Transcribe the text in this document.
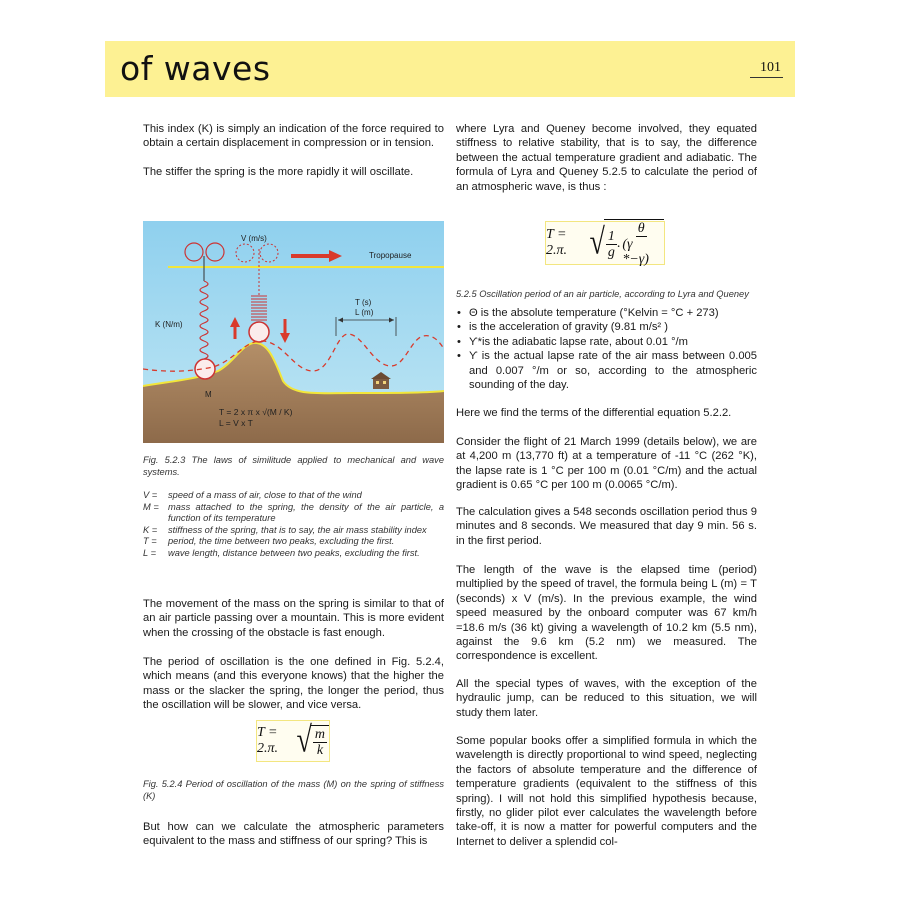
of waves	101

This index (K) is simply an indication of the force required to obtain a certain displacement in compression or in tension.

The stiffer the spring is the more rapidly it will oscillate.

Tropopause
V (m/s)
M
K (N/m)
T (s)
L (m)
T = 2 x π x √(M / K)
L = V x T

Fig. 5.2.3 The laws of similitude applied to mechanical and wave systems.

V =	speed of a mass of air, close to that of the wind
M = mass attached to the spring, the density of the air particle, a function of its temperature
K =	stiffness of the spring, that is to say, the air mass stability index
T =	period, the time between two peaks, excluding the first.
L =	wave length, distance between two peaks, excluding the first.

The movement of the mass on the spring is similar to that of an air particle passing over a mountain. This is more evident when the crossing of the obstacle is fast enough.

The period of oscillation is the one defined in Fig. 5.2.4, which means (and this everyone knows) that the higher the mass or the slacker the spring, the longer the period, thus the oscillation will be slower, and vice versa.

T = 2.π. √ $\frac{m}{k}$

Fig. 5.2.4 Period of oscillation of the mass (M) on the spring of stiffness (K)

But how can we calculate the atmospheric parameters equivalent to the mass and stiffness of our spring? This is

where Lyra and Queney become involved, they equated stiffness to relative stability, that is to say, the difference between the actual temperature gradient and adiabatic. The formula of Lyra and Queney 5.2.5 to calculate the period of an atmospheric wave, is thus :

T = 2.π. √ $\frac{1}{g}$ . $\frac{\theta}{(\gamma *-\gamma)}$

5.2.5 Oscillation period of an air particle, according to Lyra and Queney

• Θ is the absolute temperature (°Kelvin = °C + 273)
• is the acceleration of gravity (9.81 m/s² )
• ϒ*is the adiabatic lapse rate, about 0.01 °/m
• ϒ is the actual lapse rate of the air mass between 0.005 and 0.007 °/m or so, according to the atmospheric sounding of the day.

Here we find the terms of the differential equation 5.2.2.

Consider the flight of 21 March 1999 (details below), we are at 4,200 m (13,770 ft) at a temperature of -11 °C (262 °K), the lapse rate is 1 °C per 100 m (0.01 °C/m) and the actual gradient is 0.65 °C per 100 m (0.0065 °C/m).

The calculation gives a 548 seconds oscillation period thus 9 minutes and 8 seconds. We measured that day 9 min. 56 s. in the first period.

The length of the wave is the elapsed time (period) multiplied by the speed of travel, the formula being L (m) = T (seconds) x V (m/s). In the previous example, the wind speed measured by the onboard computer was 67 km/h =18.6 m/s (36 kt) giving a wavelength of 10.2 km (5.5 nm), against the 9.6 km (5.2 nm) we measured. The correspondence is excellent.

All the special types of waves, with the exception of the hydraulic jump, can be reduced to this situation, we will study them later.

Some popular books offer a simplified formula in which the wavelength is directly proportional to wind speed, neglecting the factors of absolute temperature and the difference of temperature gradients (equivalent to the stiffness of this spring). I will not hold this simplified hypothesis because, firstly, no glider pilot ever calculates the wavelength before take-off, it is now a matter for powerful computers and the Internet to deliver a splendid col-
